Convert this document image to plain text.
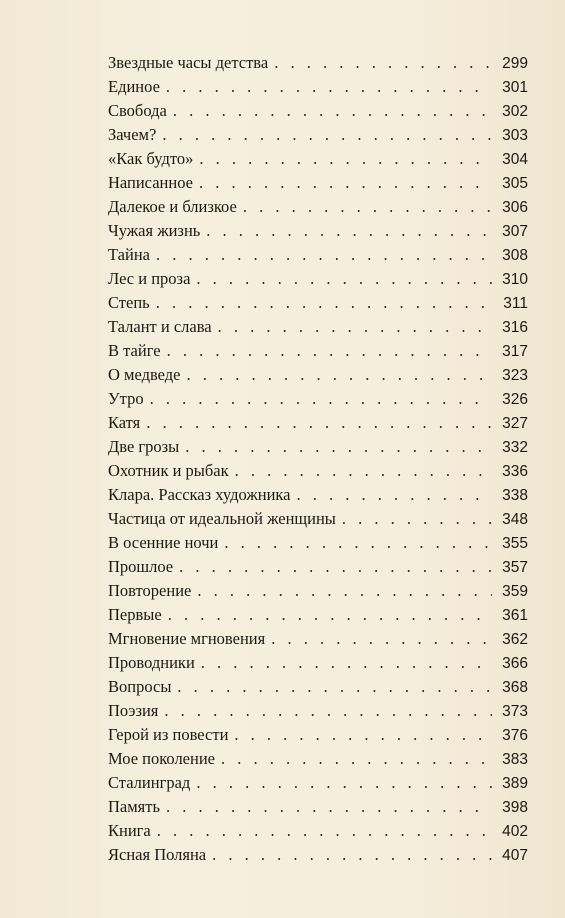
Звездные часы детства . . .	299
Единое . . .	301
Свобода . . .	302
Зачем? . . .	303
«Как будто» . . .	304
Написанное . . .	305
Далекое и близкое . . .	306
Чужая жизнь . . .	307
Тайна . . .	308
Лес и проза . . .	310
Степь . . .	311
Талант и слава . . .	316
В тайге . . .	317
О медведе . . .	323
Утро . . .	326
Катя . . .	327
Две грозы . . .	332
Охотник и рыбак . . .	336
Клара. Рассказ художника . . .	338
Частица от идеальной женщины . . .	348
В осенние ночи . . .	355
Прошлое . . .	357
Повторение . . .	359
Первые . . .	361
Мгновение мгновения . . .	362
Проводники . . .	366
Вопросы . . .	368
Поэзия . . .	373
Герой из повести . . .	376
Мое поколение . . .	383
Сталинград . . .	389
Память . . .	398
Книга . . .	402
Ясная Поляна . . .	407
